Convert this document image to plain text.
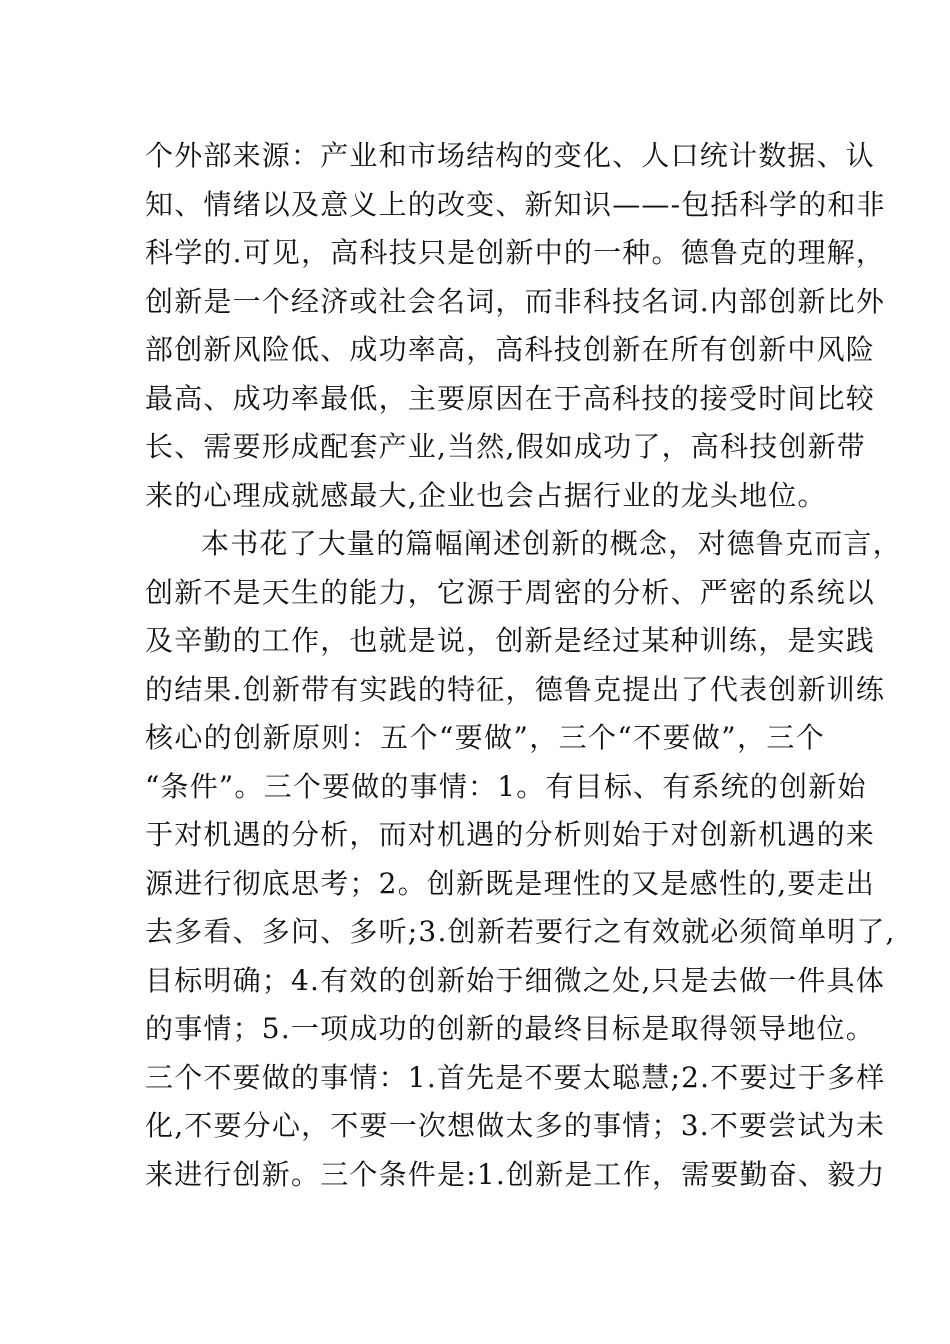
个外部来源：产业和市场结构的变化、人口统计数据、认
知、情绪以及意义上的改变、新知识——-包括科学的和非
科学的.可见，高科技只是创新中的一种。德鲁克的理解，
创新是一个经济或社会名词，而非科技名词.内部创新比外
部创新风险低、成功率高，高科技创新在所有创新中风险
最高、成功率最低，主要原因在于高科技的接受时间比较
长、需要形成配套产业,当然,假如成功了，高科技创新带
来的心理成就感最大,企业也会占据行业的龙头地位。
本书花了大量的篇幅阐述创新的概念，对德鲁克而言，
创新不是天生的能力，它源于周密的分析、严密的系统以
及辛勤的工作，也就是说，创新是经过某种训练，是实践
的结果.创新带有实践的特征，德鲁克提出了代表创新训练
核心的创新原则：五个“要做”，三个“不要做”，三个
“条件”。三个要做的事情：1。有目标、有系统的创新始
于对机遇的分析，而对机遇的分析则始于对创新机遇的来
源进行彻底思考；2。创新既是理性的又是感性的,要走出
去多看、多问、多听;3.创新若要行之有效就必须简单明了,
目标明确；4.有效的创新始于细微之处,只是去做一件具体
的事情；5.一项成功的创新的最终目标是取得领导地位。
三个不要做的事情：1.首先是不要太聪慧;2.不要过于多样
化,不要分心，不要一次想做太多的事情；3.不要尝试为未
来进行创新。三个条件是:1.创新是工作，需要勤奋、毅力
